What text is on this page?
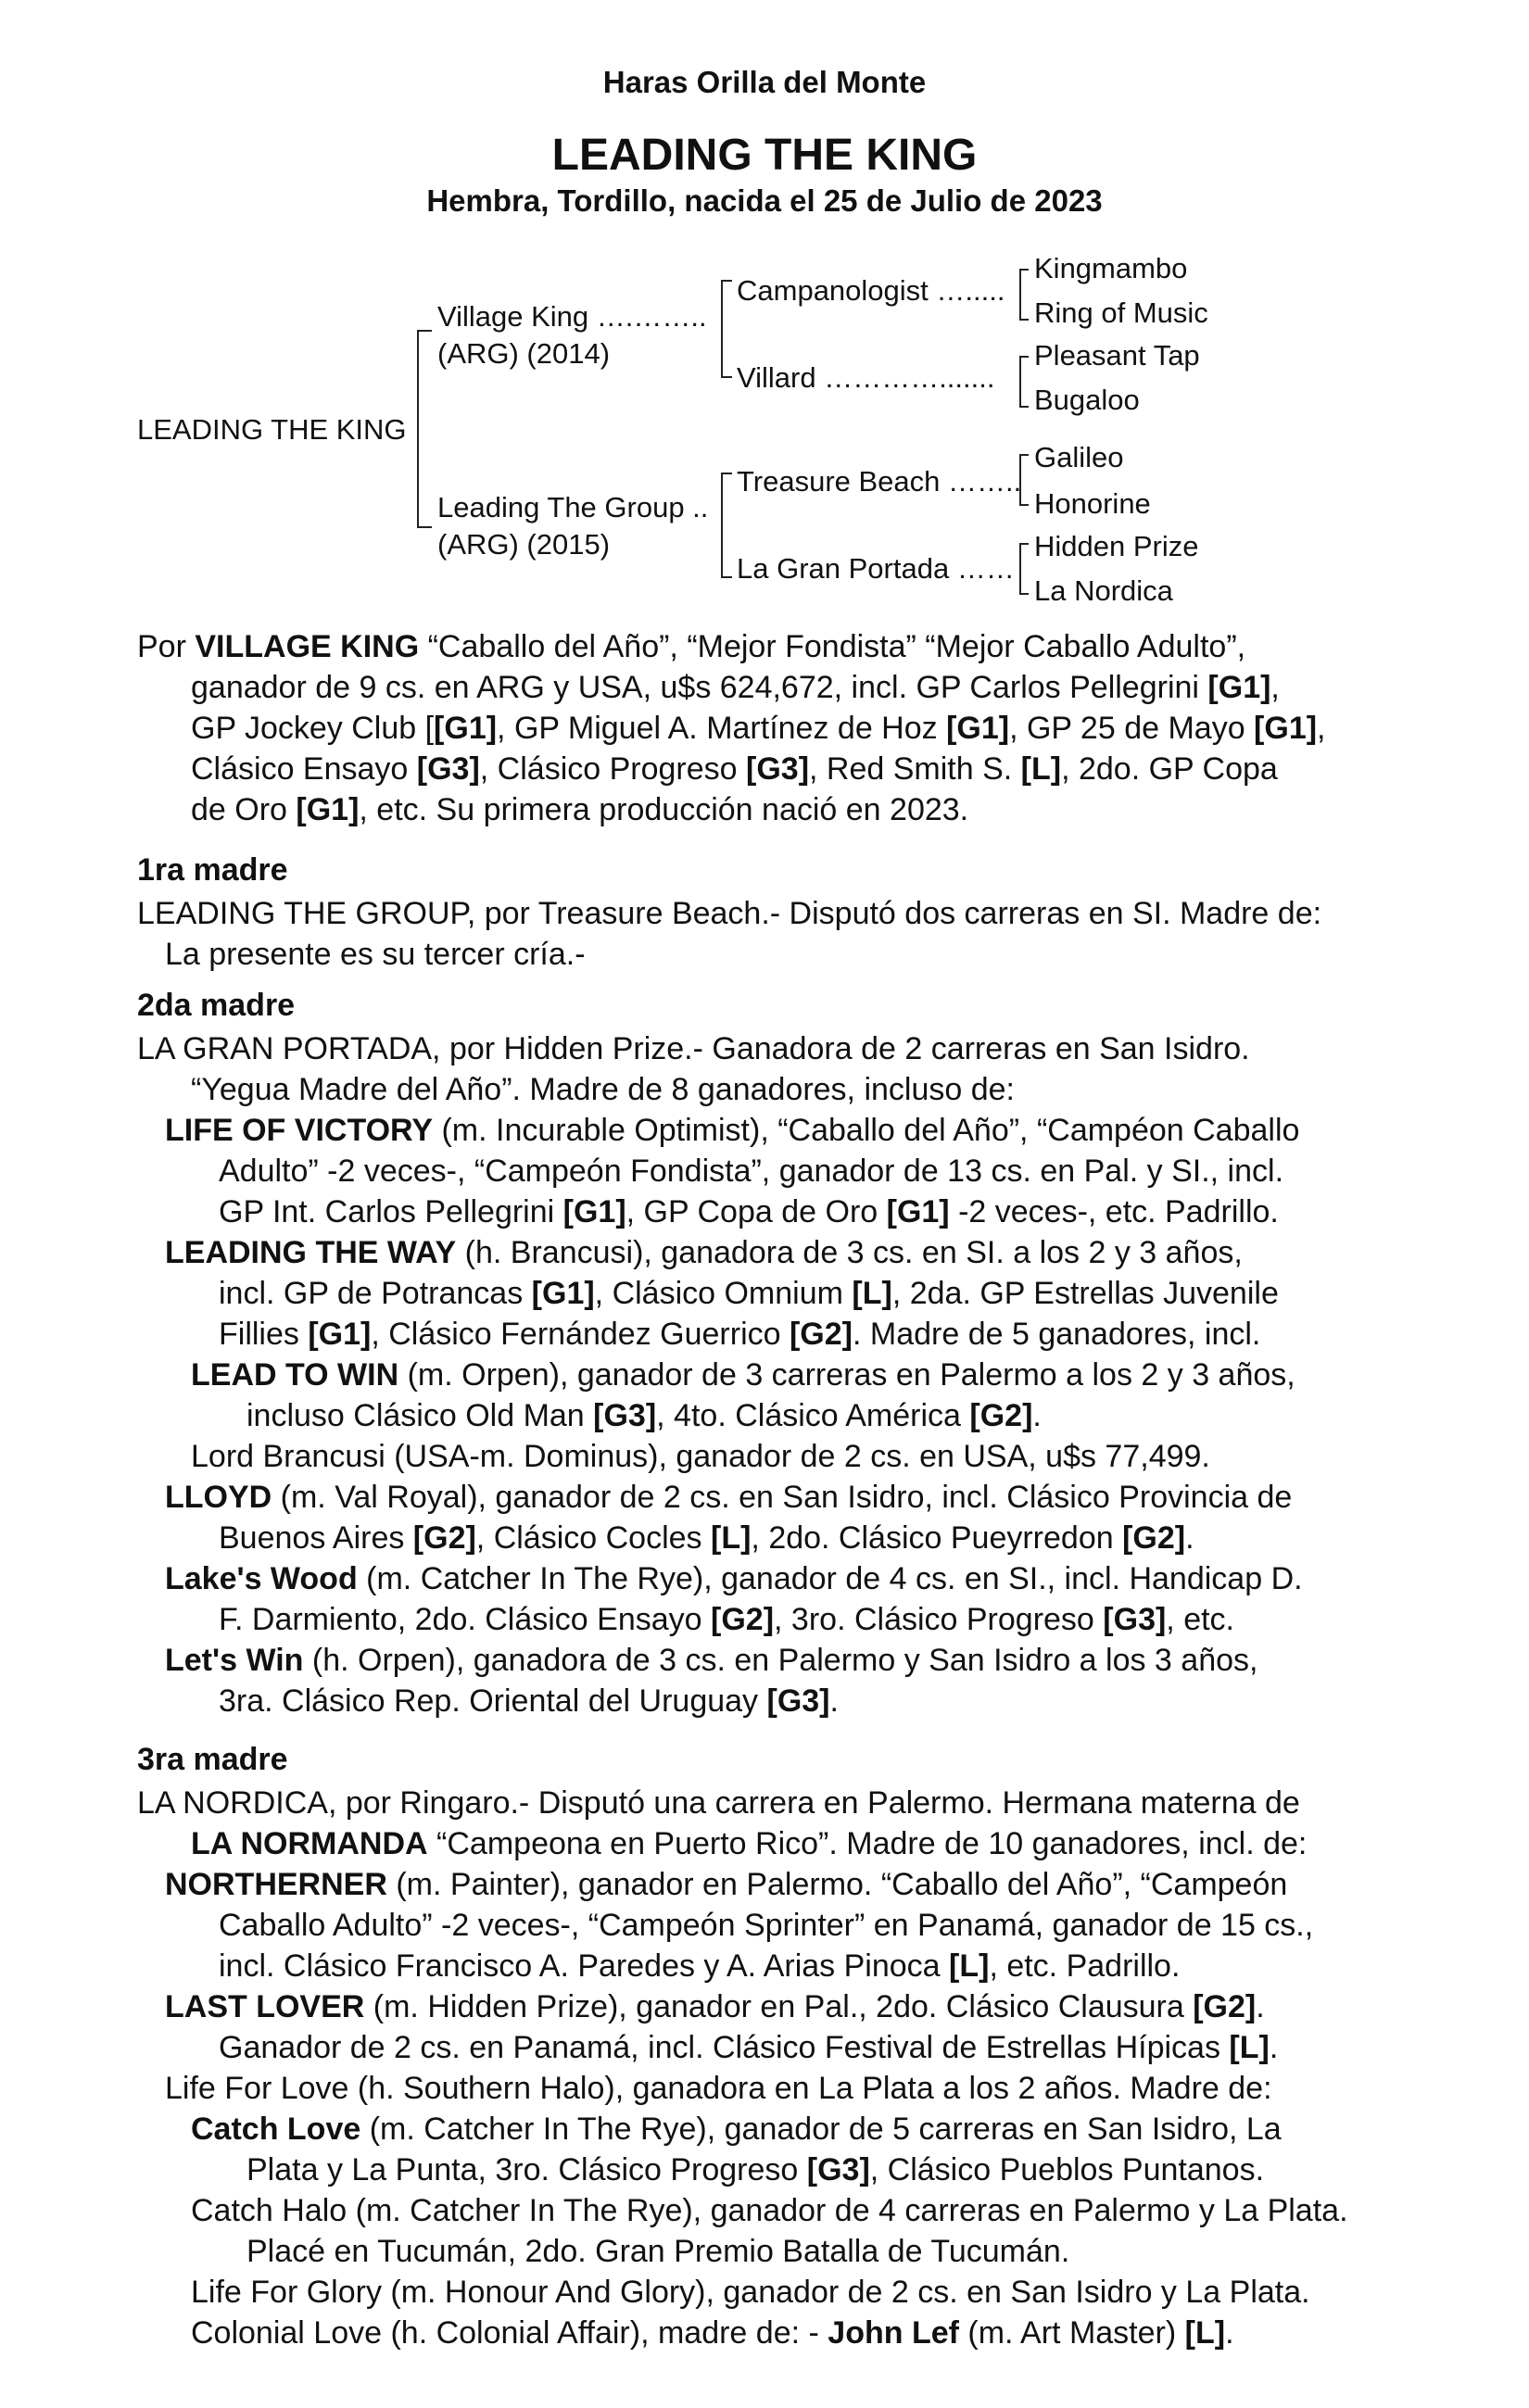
Haras Orilla del Monte
LEADING THE KING
Hembra, Tordillo, nacida el 25 de Julio de 2023
LEADING THE KING
Village King ….……..
(ARG) (2014)
Leading The Group ..
(ARG) (2015)
Campanologist ….....
Villard ………….......
Treasure Beach ……..
La Gran Portada ……
Kingmambo
Ring of Music
Pleasant Tap
Bugaloo
Galileo
Honorine
Hidden Prize
La Nordica
Por VILLAGE KING “Caballo del Año”, “Mejor Fondista” “Mejor Caballo Adulto”,
ganador de 9 cs. en ARG y USA, u$s 624,672, incl. GP Carlos Pellegrini [G1],
GP Jockey Club [[G1], GP Miguel A. Martínez de Hoz [G1], GP 25 de Mayo [G1],
Clásico Ensayo [G3], Clásico Progreso [G3], Red Smith S. [L], 2do. GP Copa
de Oro [G1], etc. Su primera producción nació en 2023.
1ra madre
LEADING THE GROUP, por Treasure Beach.- Disputó dos carreras en SI. Madre de:
La presente es su tercer cría.-
2da madre
LA GRAN PORTADA, por Hidden Prize.- Ganadora de 2 carreras en San Isidro.
“Yegua Madre del Año”. Madre de 8 ganadores, incluso de:
LIFE OF VICTORY (m. Incurable Optimist), “Caballo del Año”, “Campéon Caballo
Adulto” -2 veces-, “Campeón Fondista”, ganador de 13 cs. en Pal. y SI., incl.
GP Int. Carlos Pellegrini [G1], GP Copa de Oro [G1] -2 veces-, etc. Padrillo.
LEADING THE WAY (h. Brancusi), ganadora de 3 cs. en SI. a los 2 y 3 años,
incl. GP de Potrancas [G1], Clásico Omnium [L], 2da. GP Estrellas Juvenile
Fillies [G1], Clásico Fernández Guerrico [G2]. Madre de 5 ganadores, incl.
LEAD TO WIN (m. Orpen), ganador de 3 carreras en Palermo a los 2 y 3 años,
incluso Clásico Old Man [G3], 4to. Clásico América [G2].
Lord Brancusi (USA-m. Dominus), ganador de 2 cs. en USA, u$s 77,499.
LLOYD (m. Val Royal), ganador de 2 cs. en San Isidro, incl. Clásico Provincia de
Buenos Aires [G2], Clásico Cocles [L], 2do. Clásico Pueyrredon [G2].
Lake's Wood (m. Catcher In The Rye), ganador de 4 cs. en SI., incl. Handicap D.
F. Darmiento, 2do. Clásico Ensayo [G2], 3ro. Clásico Progreso [G3], etc.
Let's Win (h. Orpen), ganadora de 3 cs. en Palermo y San Isidro a los 3 años,
3ra. Clásico Rep. Oriental del Uruguay [G3].
3ra madre
LA NORDICA, por Ringaro.- Disputó una carrera en Palermo. Hermana materna de
LA NORMANDA “Campeona en Puerto Rico”. Madre de 10 ganadores, incl. de:
NORTHERNER (m. Painter), ganador en Palermo. “Caballo del Año”, “Campeón
Caballo Adulto” -2 veces-, “Campeón Sprinter” en Panamá, ganador de 15 cs.,
incl. Clásico Francisco A. Paredes y A. Arias Pinoca [L], etc. Padrillo.
LAST LOVER (m. Hidden Prize), ganador en Pal., 2do. Clásico Clausura [G2].
Ganador de 2 cs. en Panamá, incl. Clásico Festival de Estrellas Hípicas [L].
Life For Love (h. Southern Halo), ganadora en La Plata a los 2 años. Madre de:
Catch Love (m. Catcher In The Rye), ganador de 5 carreras en San Isidro, La
Plata y La Punta, 3ro. Clásico Progreso [G3], Clásico Pueblos Puntanos.
Catch Halo (m. Catcher In The Rye), ganador de 4 carreras en Palermo y La Plata.
Placé en Tucumán, 2do. Gran Premio Batalla de Tucumán.
Life For Glory (m. Honour And Glory), ganador de 2 cs. en San Isidro y La Plata.
Colonial Love (h. Colonial Affair), madre de: - John Lef (m. Art Master) [L].
